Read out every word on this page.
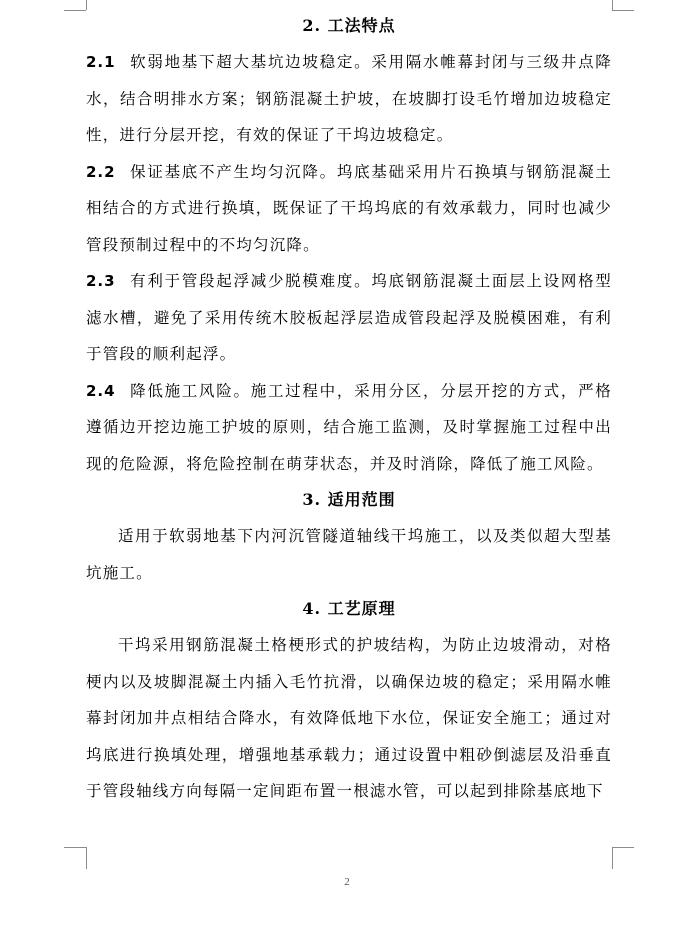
2. 工法特点
2.1 软弱地基下超大基坑边坡稳定。采用隔水帷幕封闭与三级井点降水，结合明排水方案；钢筋混凝土护坡，在坡脚打设毛竹增加边坡稳定性，进行分层开挖，有效的保证了干坞边坡稳定。
2.2 保证基底不产生均匀沉降。坞底基础采用片石换填与钢筋混凝土相结合的方式进行换填，既保证了干坞坞底的有效承载力，同时也减少管段预制过程中的不均匀沉降。
2.3 有利于管段起浮减少脱模难度。坞底钢筋混凝土面层上设网格型滤水槽，避免了采用传统木胶板起浮层造成管段起浮及脱模困难，有利于管段的顺利起浮。
2.4 降低施工风险。施工过程中，采用分区，分层开挖的方式，严格遵循边开挖边施工护坡的原则，结合施工监测，及时掌握施工过程中出现的危险源，将危险控制在萌芽状态，并及时消除，降低了施工风险。
3. 适用范围
适用于软弱地基下内河沉管隧道轴线干坞施工，以及类似超大型基坑施工。
4. 工艺原理
干坞采用钢筋混凝土格梗形式的护坡结构，为防止边坡滑动，对格梗内以及坡脚混凝土内插入毛竹抗滑，以确保边坡的稳定；采用隔水帷幕封闭加井点相结合降水，有效降低地下水位，保证安全施工；通过对坞底进行换填处理，增强地基承载力；通过设置中粗砂倒滤层及沿垂直于管段轴线方向每隔一定间距布置一根滤水管，可以起到排除基底地下
2
